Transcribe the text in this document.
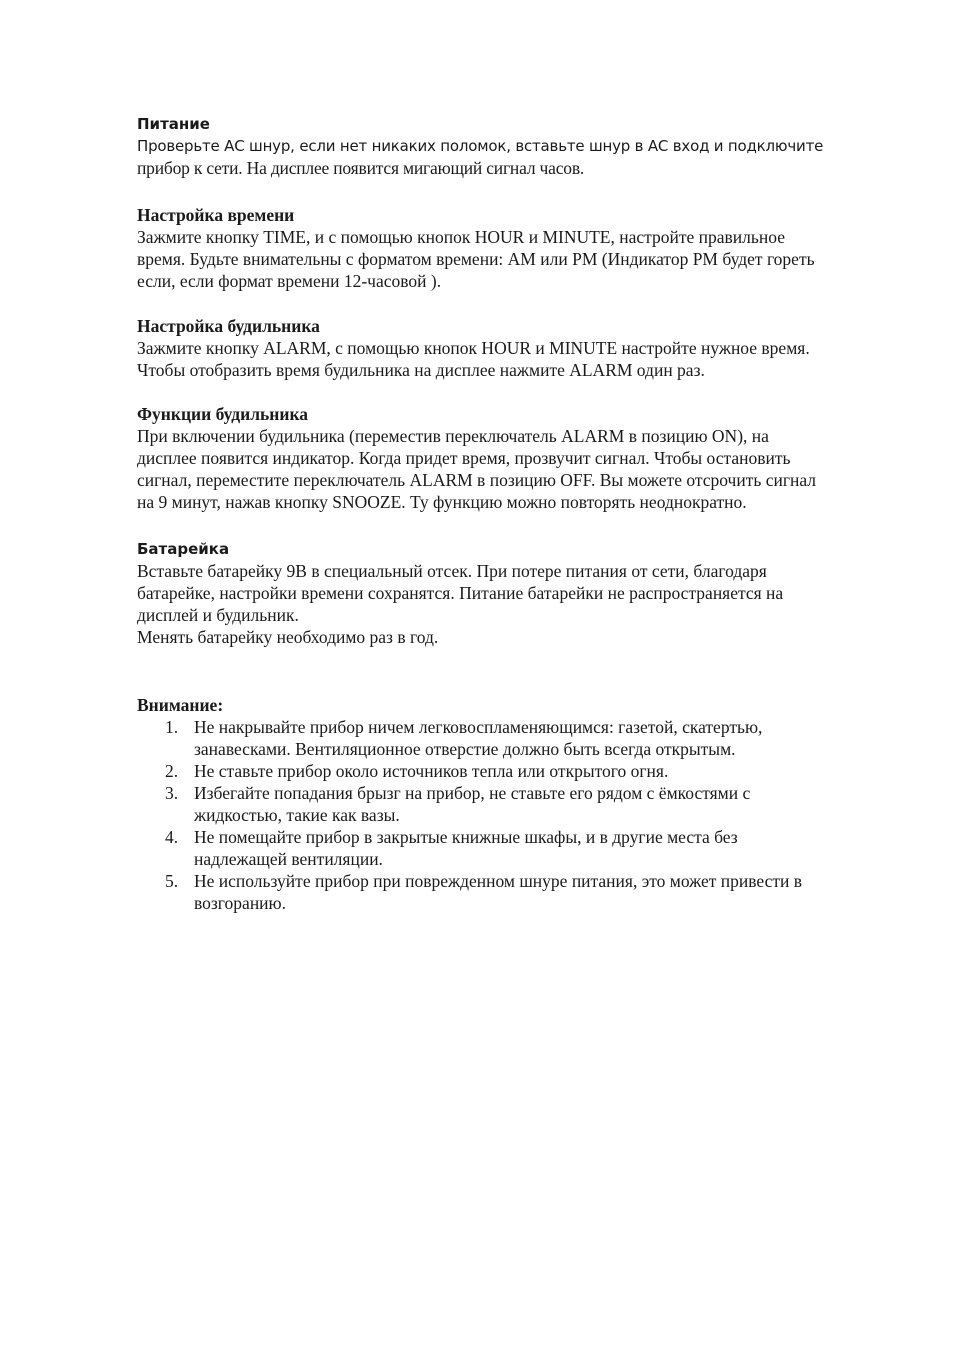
Питание

Проверьте АС шнур, если нет никаких поломок, вставьте шнур в АС вход и подключите
прибор к сети. На дисплее появится мигающий сигнал часов.

Настройка времени

Зажмите кнопку TIME, и с помощью кнопок HOUR и MINUTE, настройте правильное
время. Будьте внимательны с форматом времени: AM или PM (Индикатор PM будет гореть
если, если формат времени 12-часовой ).

Настройка будильника

Зажмите кнопку ALARM, с помощью кнопок HOUR и MINUTE настройте нужное время.
Чтобы отобразить время будильника на дисплее нажмите ALARM один раз.

Функции будильника

При включении будильника (переместив переключатель ALARM в позицию ON), на
дисплее появится индикатор. Когда придет время, прозвучит сигнал. Чтобы остановить
сигнал, переместите переключатель ALARM в позицию OFF. Вы можете отсрочить сигнал
на 9 минут, нажав кнопку SNOOZE. Ту функцию можно повторять неоднократно.

Батарейка

Вставьте батарейку 9В в специальный отсек. При потере питания от сети, благодаря
батарейке, настройки времени сохранятся. Питание батарейки не распространяется на
дисплей и будильник.
Менять батарейку необходимо раз в год.

Внимание:

1. Не накрывайте прибор ничем легковоспламеняющимся: газетой, скатертью,
занавесками. Вентиляционное отверстие должно быть всегда открытым.
2. Не ставьте прибор около источников тепла или открытого огня.
3. Избегайте попадания брызг на прибор, не ставьте его рядом с ёмкостями с
жидкостью, такие как вазы.
4. Не помещайте прибор в закрытые книжные шкафы, и в другие места без
надлежащей вентиляции.
5. Не используйте прибор при поврежденном шнуре питания, это может привести в
возгоранию.
